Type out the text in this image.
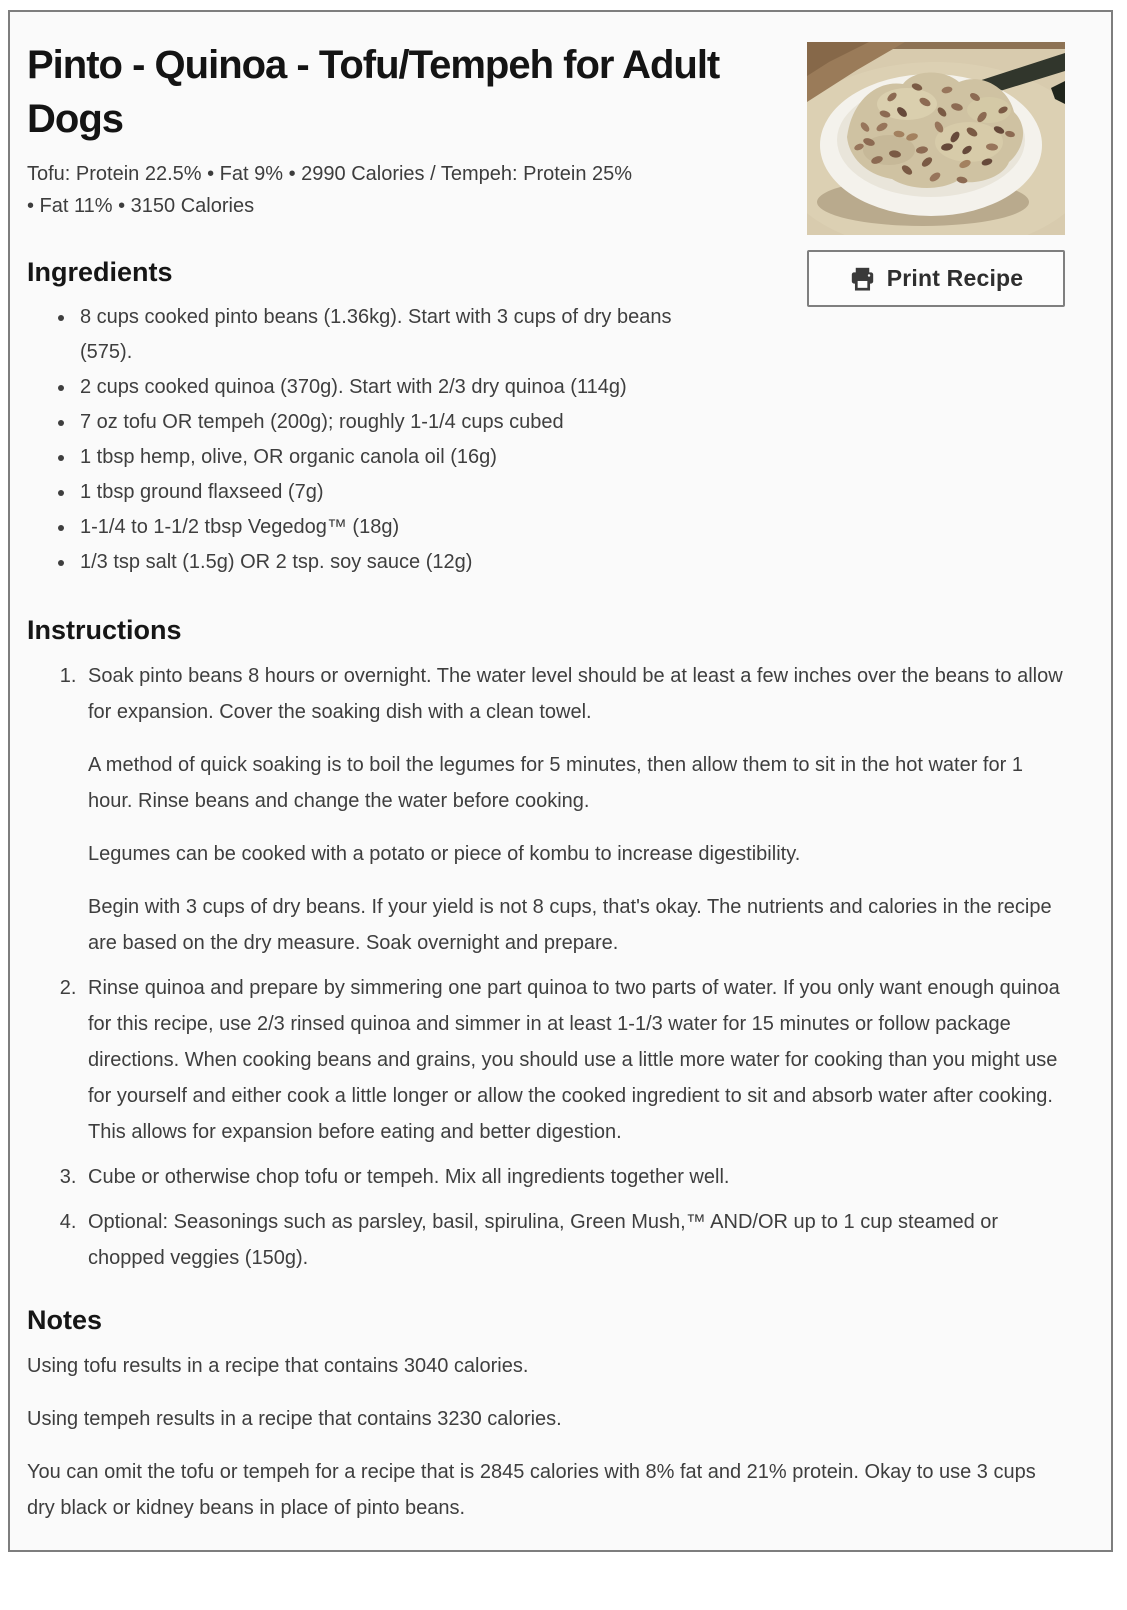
Print Recipe
Pinto - Quinoa - Tofu/Tempeh for Adult
Dogs
Tofu: Protein 22.5% • Fat 9% • 2990 Calories / Tempeh: Protein 25%
• Fat 11% • 3150 Calories
Ingredients
• 8 cups cooked pinto beans (1.36kg). Start with 3 cups of dry beans (575).
• 2 cups cooked quinoa (370g). Start with 2/3 dry quinoa (114g)
• 7 oz tofu OR tempeh (200g); roughly 1-1/4 cups cubed
• 1 tbsp hemp, olive, OR organic canola oil (16g)
• 1 tbsp ground flaxseed (7g)
• 1-1/4 to 1-1/2 tbsp Vegedog™ (18g)
• 1/3 tsp salt (1.5g) OR 2 tsp. soy sauce (12g)
Instructions

1. Soak pinto beans 8 hours or overnight. The water level should be at least a few inches over the beans to allow for expansion. Cover the soaking dish with a clean towel.

A method of quick soaking is to boil the legumes for 5 minutes, then allow them to sit in the hot water for 1 hour. Rinse beans and change the water before cooking.

Legumes can be cooked with a potato or piece of kombu to increase digestibility.

Begin with 3 cups of dry beans. If your yield is not 8 cups, that's okay. The nutrients and calories in the recipe are based on the dry measure. Soak overnight and prepare.

2. Rinse quinoa and prepare by simmering one part quinoa to two parts of water. If you only want enough quinoa for this recipe, use 2/3 rinsed quinoa and simmer in at least 1-1/3 water for 15 minutes or follow package directions. When cooking beans and grains, you should use a little more water for cooking than you might use for yourself and either cook a little longer or allow the cooked ingredient to sit and absorb water after cooking. This allows for expansion before eating and better digestion.

3. Cube or otherwise chop tofu or tempeh. Mix all ingredients together well.

4. Optional: Seasonings such as parsley, basil, spirulina, Green Mush,™ AND/OR up to 1 cup steamed or chopped veggies (150g).

Notes

Using tofu results in a recipe that contains 3040 calories.

Using tempeh results in a recipe that contains 3230 calories.

You can omit the tofu or tempeh for a recipe that is 2845 calories with 8% fat and 21% protein. Okay to use 3 cups dry black or kidney beans in place of pinto beans.
